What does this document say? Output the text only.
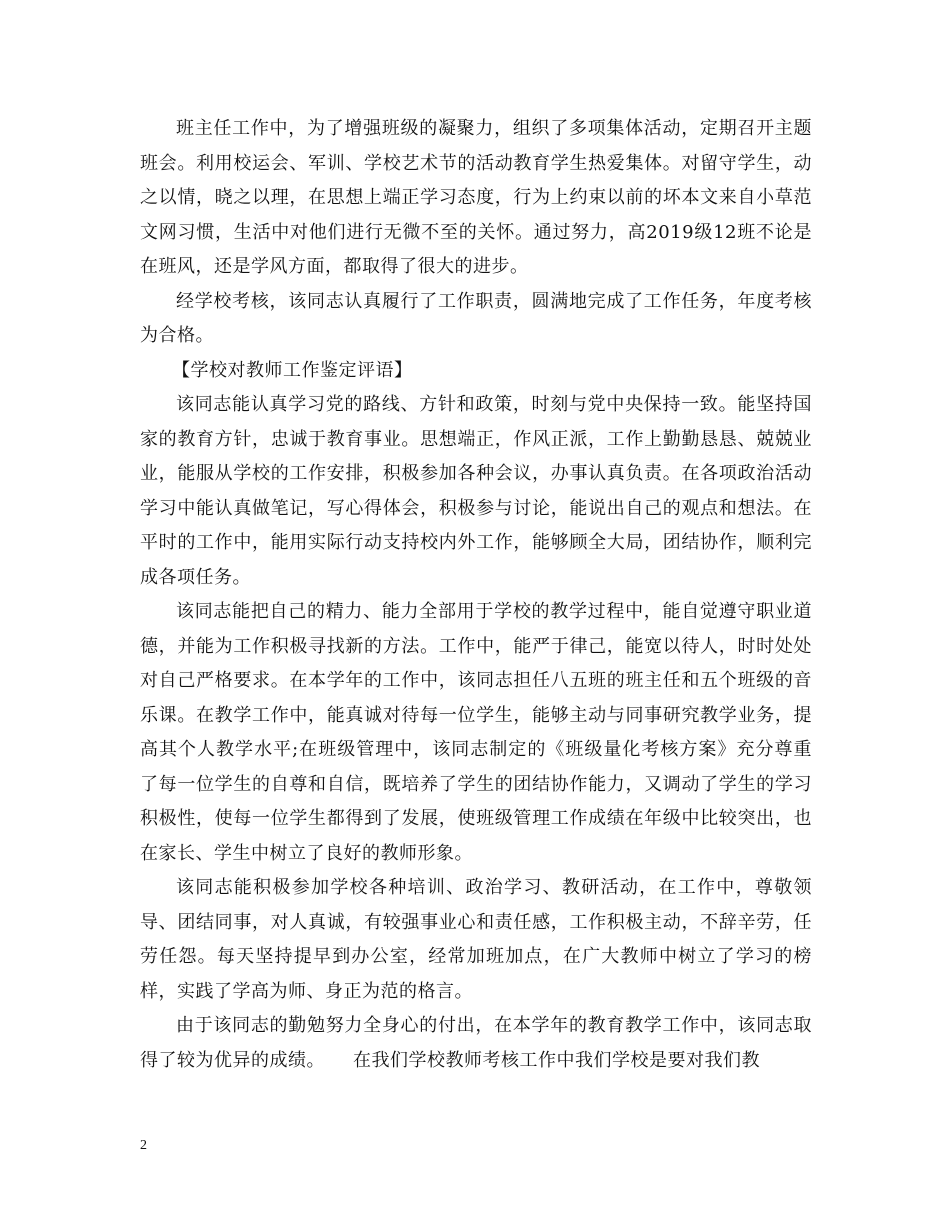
班主任工作中，为了增强班级的凝聚力，组织了多项集体活动，定期召开主题班会。利用校运会、军训、学校艺术节的活动教育学生热爱集体。对留守学生，动之以情，晓之以理，在思想上端正学习态度，行为上约束以前的坏本文来自小草范文网习惯，生活中对他们进行无微不至的关怀。通过努力，高2019级12班不论是在班风，还是学风方面，都取得了很大的进步。

经学校考核，该同志认真履行了工作职责，圆满地完成了工作任务，年度考核为合格。

【学校对教师工作鉴定评语】

该同志能认真学习党的路线、方针和政策，时刻与党中央保持一致。能坚持国家的教育方针，忠诚于教育事业。思想端正，作风正派，工作上勤勤恳恳、兢兢业业，能服从学校的工作安排，积极参加各种会议，办事认真负责。在各项政治活动学习中能认真做笔记，写心得体会，积极参与讨论，能说出自己的观点和想法。在平时的工作中，能用实际行动支持校内外工作，能够顾全大局，团结协作，顺利完成各项任务。

该同志能把自己的精力、能力全部用于学校的教学过程中，能自觉遵守职业道德，并能为工作积极寻找新的方法。工作中，能严于律己，能宽以待人，时时处处对自己严格要求。在本学年的工作中，该同志担任八五班的班主任和五个班级的音乐课。在教学工作中，能真诚对待每一位学生，能够主动与同事研究教学业务，提高其个人教学水平;在班级管理中，该同志制定的《班级量化考核方案》充分尊重了每一位学生的自尊和自信，既培养了学生的团结协作能力，又调动了学生的学习积极性，使每一位学生都得到了发展，使班级管理工作成绩在年级中比较突出，也在家长、学生中树立了良好的教师形象。

该同志能积极参加学校各种培训、政治学习、教研活动，在工作中，尊敬领导、团结同事，对人真诚，有较强事业心和责任感，工作积极主动，不辞辛劳，任劳任怨。每天坚持提早到办公室，经常加班加点，在广大教师中树立了学习的榜样，实践了学高为师、身正为范的格言。

由于该同志的勤勉努力全身心的付出，在本学年的教育教学工作中，该同志取得了较为优异的成绩。　　在我们学校教师考核工作中我们学校是要对我们教

2
